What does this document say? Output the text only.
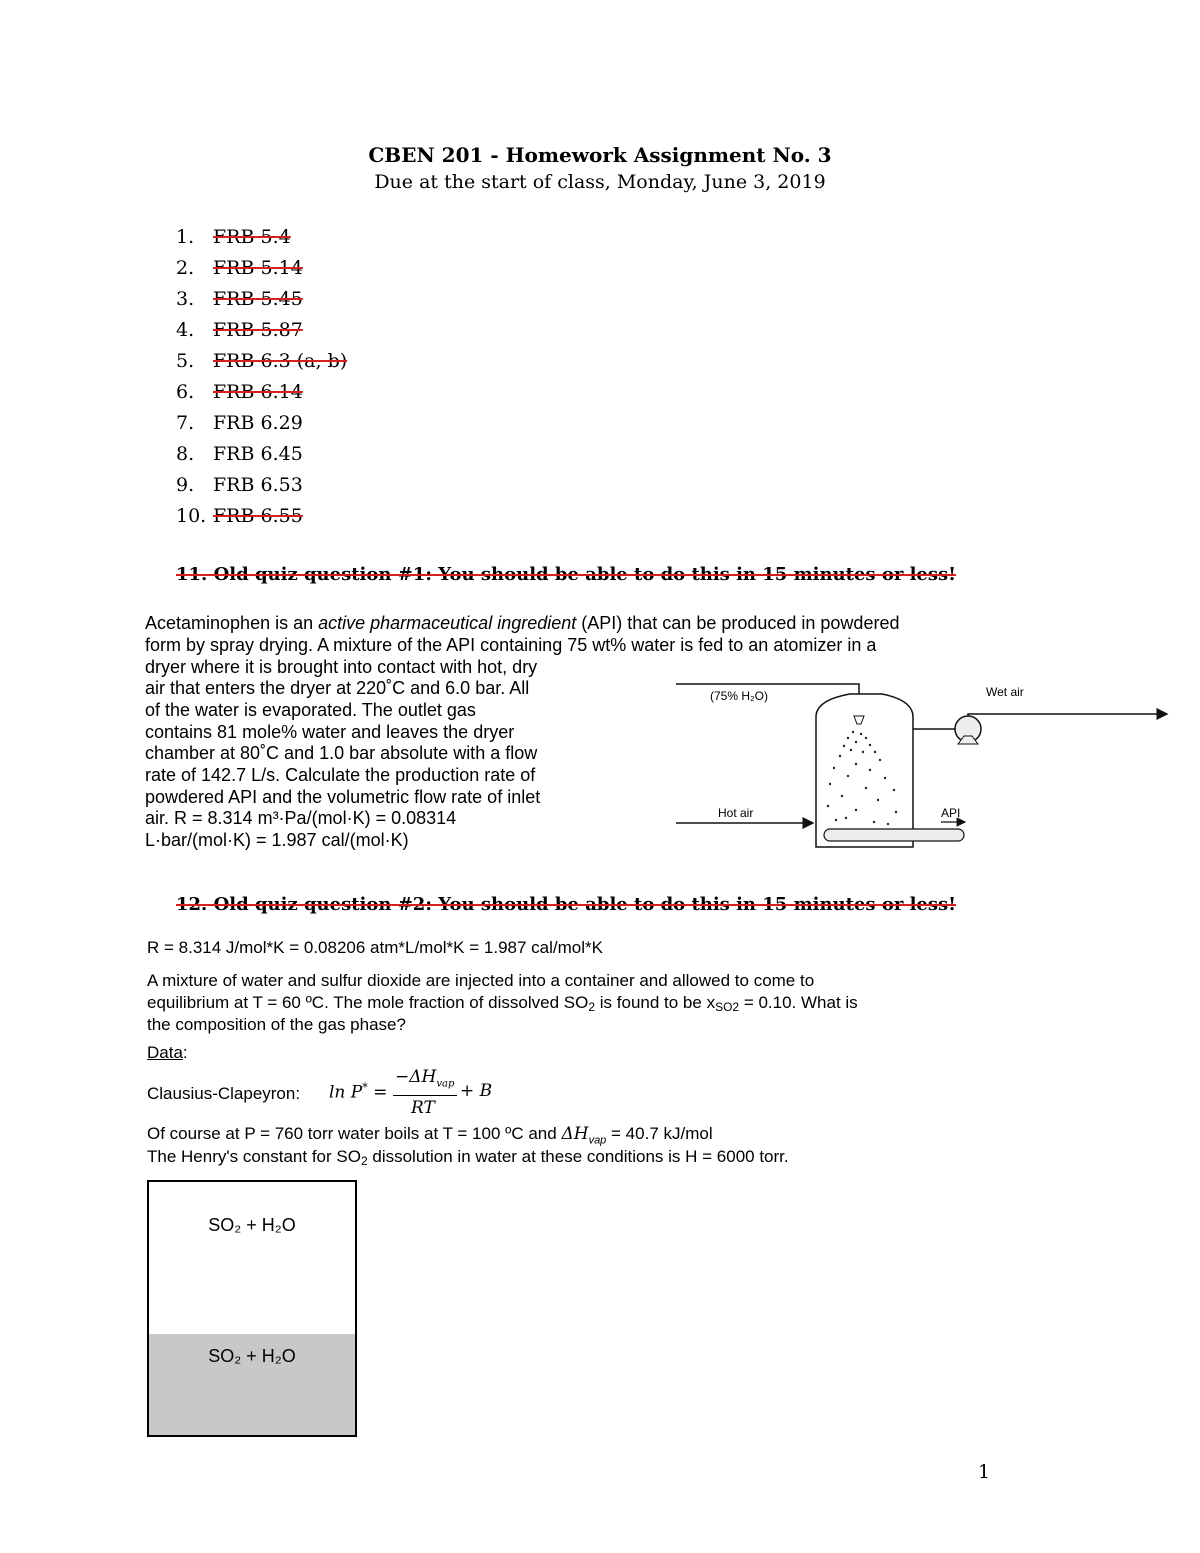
CBEN 201 - Homework Assignment No. 3
Due at the start of class, Monday, June 3, 2019
1. FRB 5.4
2. FRB 5.14
3. FRB 5.45
4. FRB 5.87
5. FRB 6.3 (a, b)
6. FRB 6.14
7. FRB 6.29
8. FRB 6.45
9. FRB 6.53
10. FRB 6.55
11. Old quiz question #1: You should be able to do this in 15 minutes or less!
Acetaminophen is an active pharmaceutical ingredient (API) that can be produced in powdered
form by spray drying. A mixture of the API containing 75 wt% water is fed to an atomizer in a
dryer where it is brought into contact with hot, dry
air that enters the dryer at 220˚C and 6.0 bar. All
of the water is evaporated. The outlet gas
contains 81 mole% water and leaves the dryer
chamber at 80˚C and 1.0 bar absolute with a flow
rate of 142.7 L/s. Calculate the production rate of
powdered API and the volumetric flow rate of inlet
air. R = 8.314 m³·Pa/(mol·K) = 0.08314
L·bar/(mol·K) = 1.987 cal/(mol·K)
(75% H₂O)	Wet air
Hot air	API
12. Old quiz question #2: You should be able to do this in 15 minutes or less!
R = 8.314 J/mol*K = 0.08206 atm*L/mol*K = 1.987 cal/mol*K
A mixture of water and sulfur dioxide are injected into a container and allowed to come to
equilibrium at T = 60 ºC. The mole fraction of dissolved SO2 is found to be xSO2 = 0.10. What is
the composition of the gas phase?
Data:
Clausius-Clapeyron: ln P* =
$-\Delta H_{vap}$
RT
+ B
Of course at P = 760 torr water boils at T = 100 ºC and $\Delta H_{vap} = 40.7$ kJ/mol
The Henry's constant for SO2 dissolution in water at these conditions is H = 6000 torr.
SO₂ + H₂O
SO₂ + H₂O
1
